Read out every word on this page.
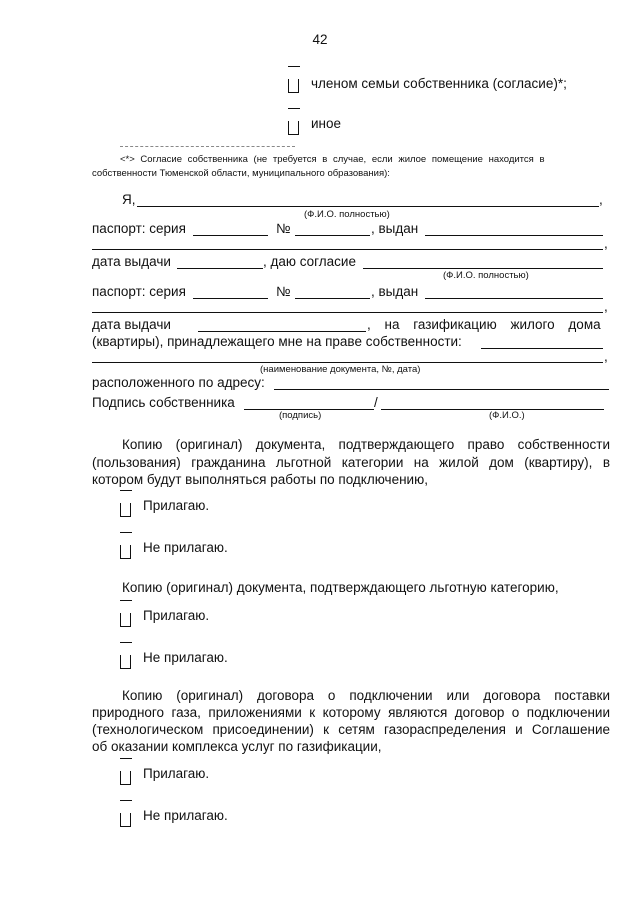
42
членом семьи собственника (согласие)*;
иное
<*> Согласие собственника (не требуется в случае, если жилое помещение находится в
собственности Тюменской области, муниципального образования):
Я,	,
(Ф.И.О. полностью)
паспорт: серия	№	, выдан
,
дата выдачи	, даю согласие
(Ф.И.О. полностью)
паспорт: серия	№	, выдан
,
дата выдачи	, на газификацию жилого дома
(квартиры), принадлежащего мне на праве собственности:
,
(наименование документа, №, дата)
расположенного по адресу:
Подпись собственника	/
(подпись)	(Ф.И.О.)
Копию (оригинал) документа, подтверждающего право собственности
(пользования) гражданина льготной категории на жилой дом (квартиру), в
котором будут выполняться работы по подключению,
Прилагаю.
Не прилагаю.
Копию (оригинал) документа, подтверждающего льготную категорию,
Прилагаю.
Не прилагаю.
Копию (оригинал) договора о подключении или договора поставки
природного газа, приложениями к которому являются договор о подключении
(технологическом присоединении) к сетям газораспределения и Соглашение
об оказании комплекса услуг по газификации,
Прилагаю.
Не прилагаю.
